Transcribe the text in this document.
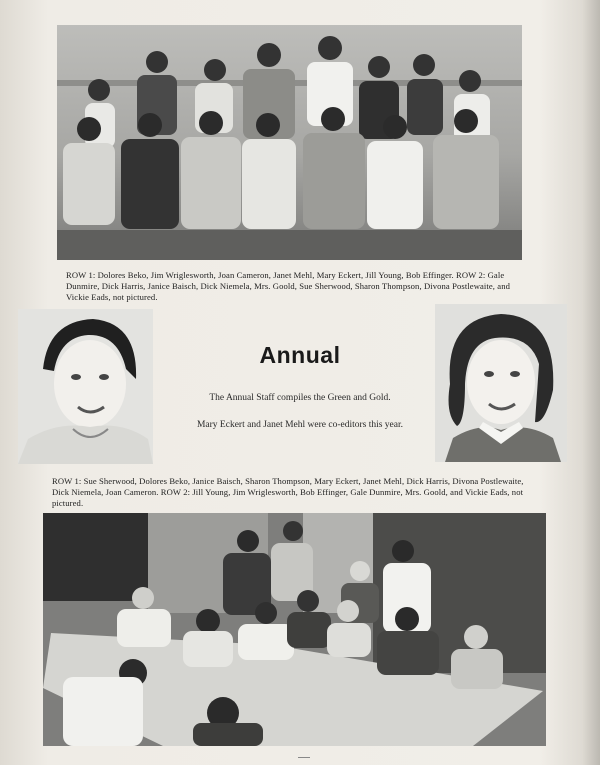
ROW 1: Dolores Beko, Jim Wriglesworth, Joan Cameron, Janet Mehl, Mary Eckert, Jill Young, Bob Effinger. ROW 2: Gale Dunmire, Dick Harris, Janice Baisch, Dick Niemela, Mrs. Goold, Sue Sherwood, Sharon Thompson, Divona Postlewaite, and Vickie Eads, not pictured.
Annual
The Annual Staff compiles the Green and Gold.
Mary Eckert and Janet Mehl were co-editors this year.
ROW 1: Sue Sherwood, Dolores Beko, Janice Baisch, Sharon Thompson, Mary Eckert, Janet Mehl, Dick Harris, Divona Postlewaite, Dick Niemela, Joan Cameron. ROW 2: Jill Young, Jim Wriglesworth, Bob Effinger, Gale Dunmire, Mrs. Goold, and Vickie Eads, not pictured.
